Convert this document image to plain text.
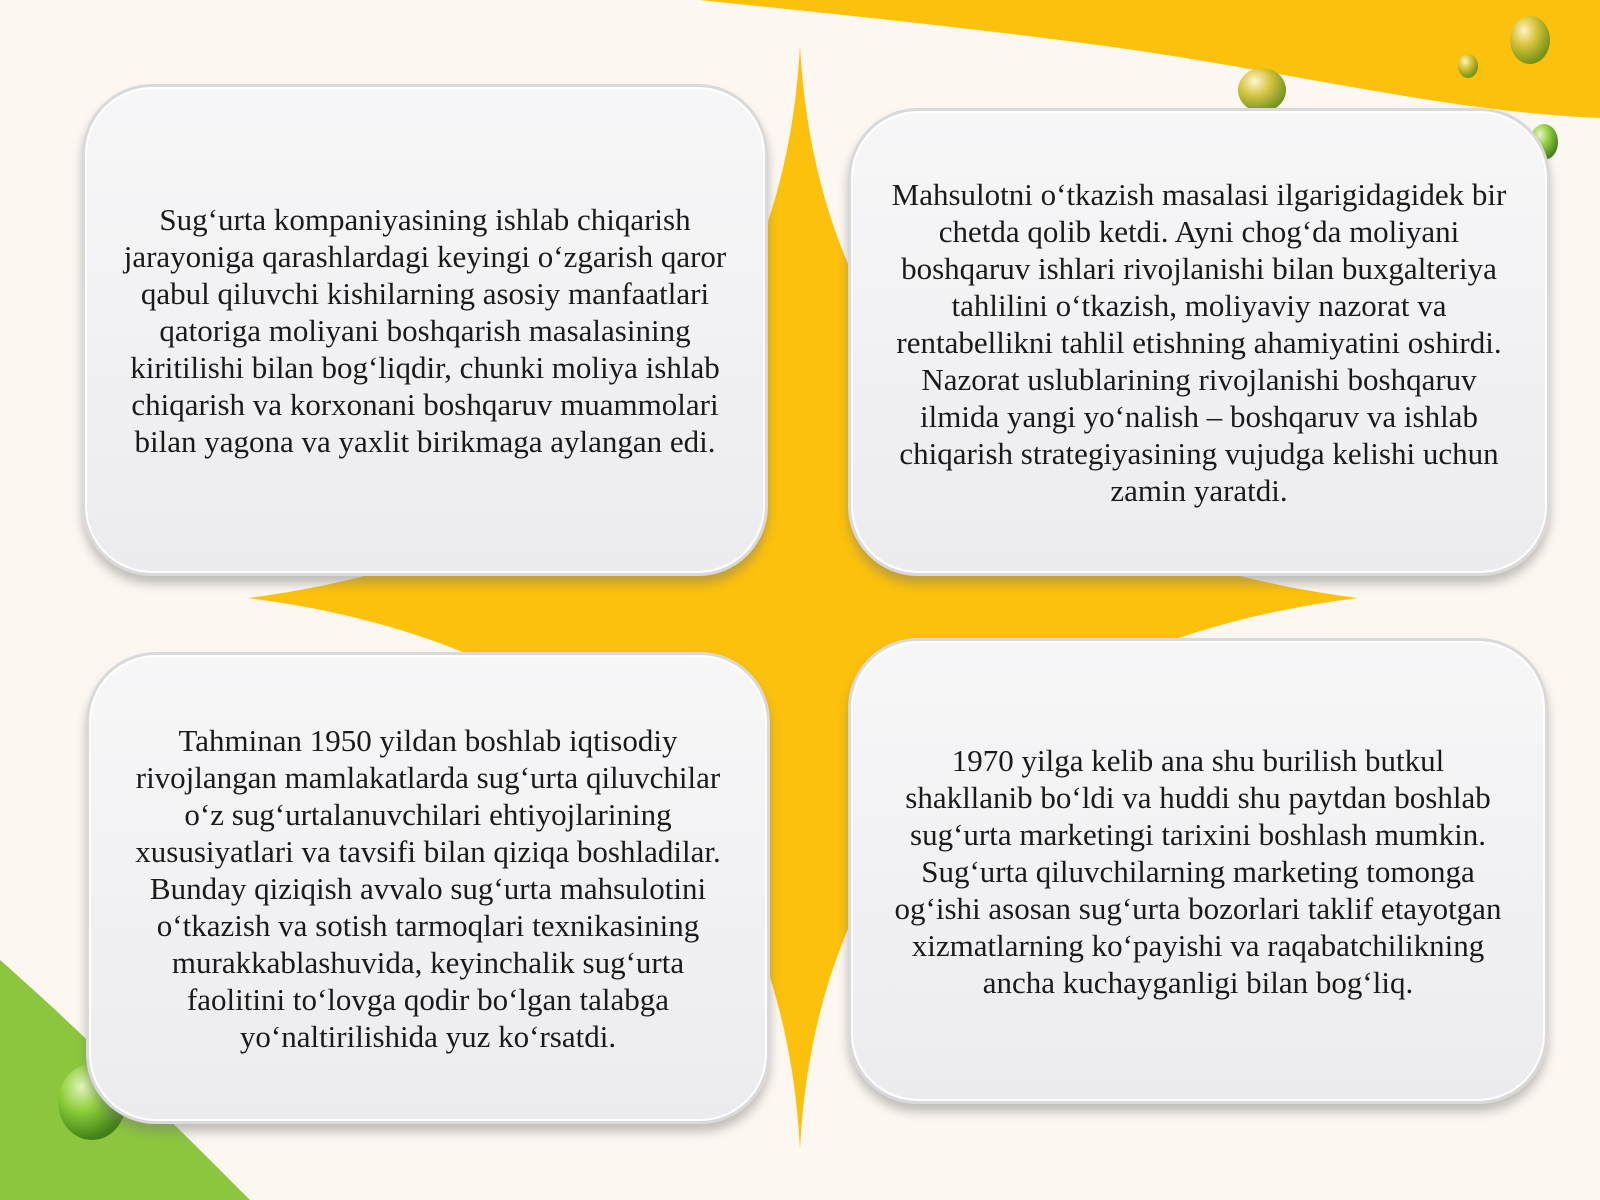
Sug‘urta kompaniyasining ishlab chiqarish jarayoniga qarashlardagi keyingi o‘zgarish qaror qabul qiluvchi kishilarning asosiy manfaatlari qatoriga moliyani boshqarish masalasining kiritilishi bilan bog‘liqdir, chunki moliya ishlab chiqarish va korxonani boshqaruv muammolari bilan yagona va yaxlit birikmaga aylangan edi.

Mahsulotni o‘tkazish masalasi ilgarigidagidek bir chetda qolib ketdi. Ayni chog‘da moliyani boshqaruv ishlari rivojlanishi bilan buxgalteriya tahlilini o‘tkazish, moliyaviy nazorat va rentabellikni tahlil etishning ahamiyatini oshirdi. Nazorat uslublarining rivojlanishi boshqaruv ilmida yangi yo‘nalish – boshqaruv va ishlab chiqarish strategiyasining vujudga kelishi uchun zamin yaratdi.

Tahminan 1950 yildan boshlab iqtisodiy rivojlangan mamlakatlarda sug‘urta qiluvchilar o‘z sug‘urtalanuvchilari ehtiyojlarining xususiyatlari va tavsifi bilan qiziqa boshladilar. Bunday qiziqish avvalo sug‘urta mahsulotini o‘tkazish va sotish tarmoqlari texnikasining murakkablashuvida, keyinchalik sug‘urta faolitini to‘lovga qodir bo‘lgan talabga yo‘naltirilishida yuz ko‘rsatdi.

1970 yilga kelib ana shu burilish butkul shakllanib bo‘ldi va huddi shu paytdan boshlab sug‘urta marketingi tarixini boshlash mumkin. Sug‘urta qiluvchilarning marketing tomonga og‘ishi asosan sug‘urta bozorlari taklif etayotgan xizmatlarning ko‘payishi va raqabatchilikning ancha kuchayganligi bilan bog‘liq.
